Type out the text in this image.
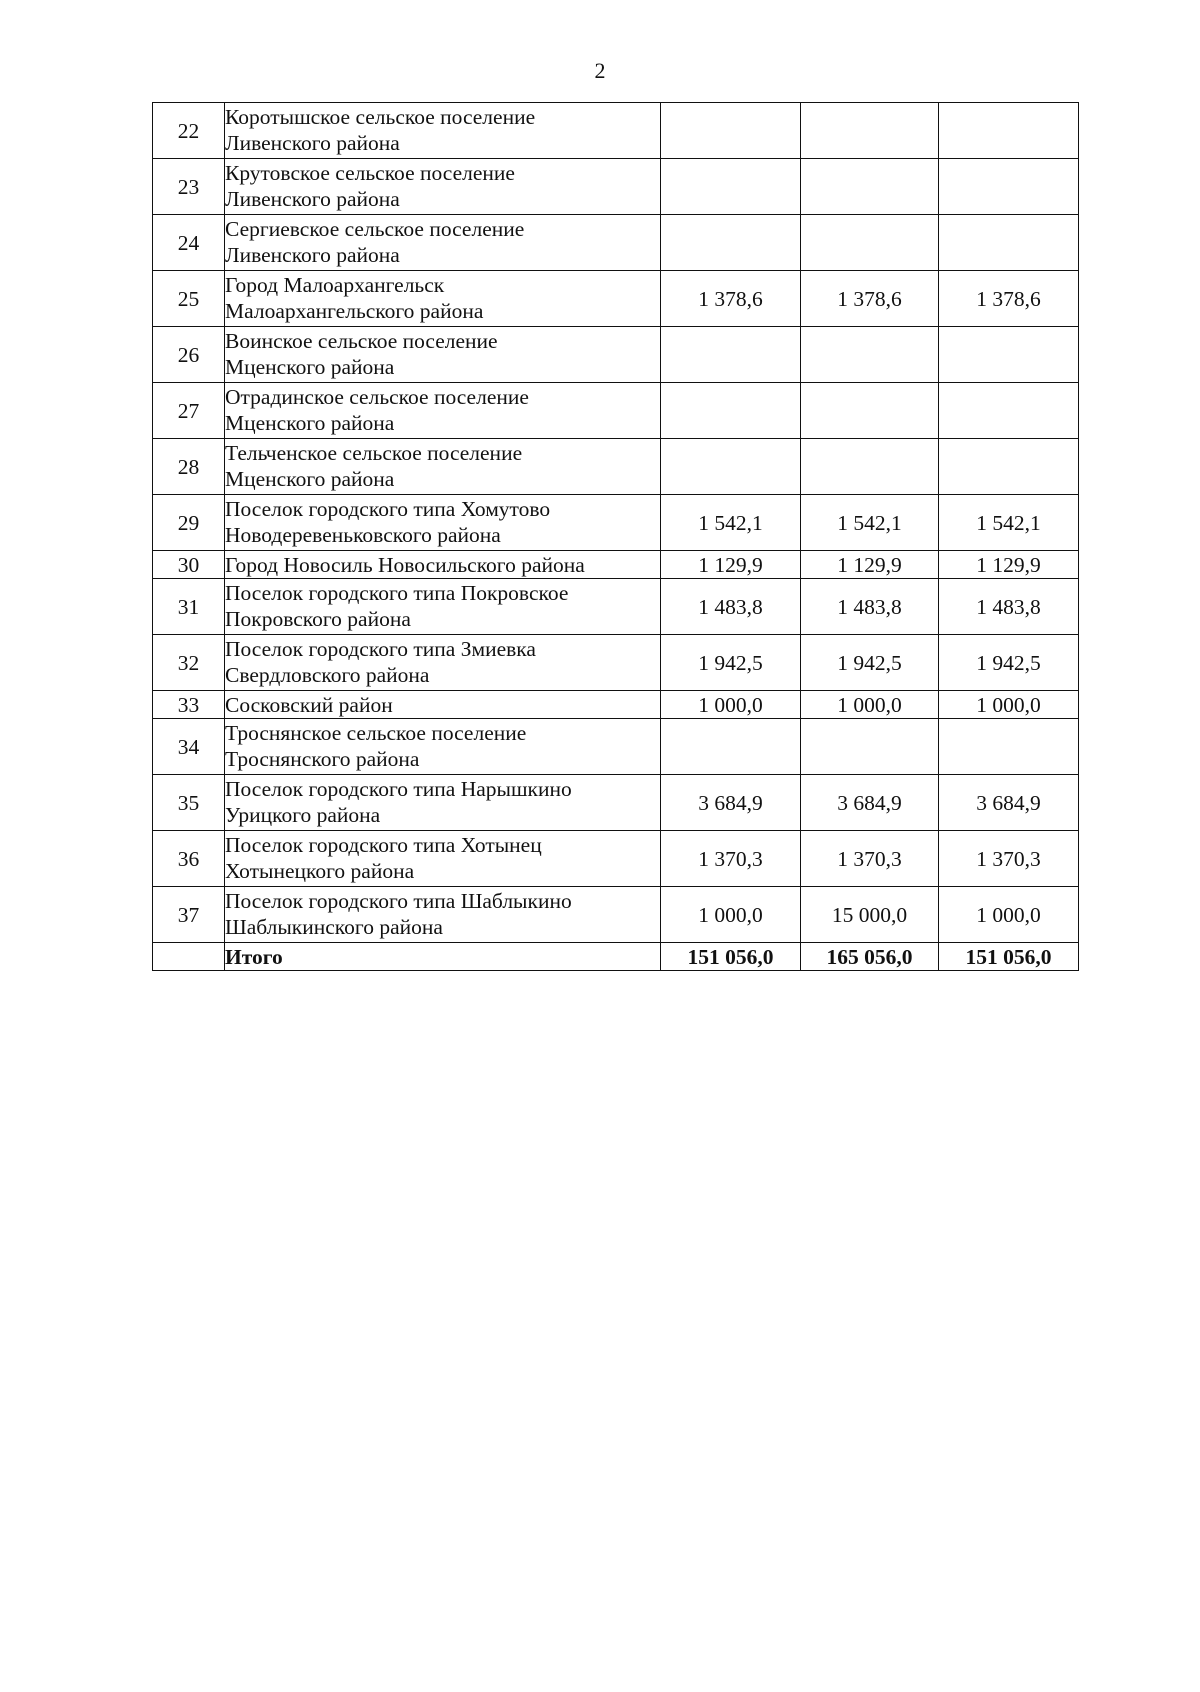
2
22	Коротышское сельское поселение
Ливенского района			

23	Крутовское сельское поселение
Ливенского района			

24	Сергиевское сельское поселение
Ливенского района			

25	Город Малоархангельск
Малоархангельского района	1 378,6	1 378,6	1 378,6
26	Воинское сельское поселение
Мценского района			

27	Отрадинское сельское поселение
Мценского района			

28	Тельченское сельское поселение
Мценского района			

29	Поселок городского типа Хомутово
Новодеревеньковского района	1 542,1	1 542,1	1 542,1
30	Город Новосиль Новосильского района	1 129,9	1 129,9	1 129,9
31	Поселок городского типа Покровское
Покровского района	1 483,8	1 483,8	1 483,8
32	Поселок городского типа Змиевка
Свердловского района	1 942,5	1 942,5	1 942,5
33	Сосковский район	1 000,0	1 000,0	1 000,0
34	Троснянское сельское поселение
Троснянского района			

35	Поселок городского типа Нарышкино
Урицкого района	3 684,9	3 684,9	3 684,9
36	Поселок городского типа Хотынец
Хотынецкого района	1 370,3	1 370,3	1 370,3
37	Поселок городского типа Шаблыкино
Шаблыкинского района	1 000,0	15 000,0	1 000,0
	Итого	151 056,0	165 056,0	151 056,0
